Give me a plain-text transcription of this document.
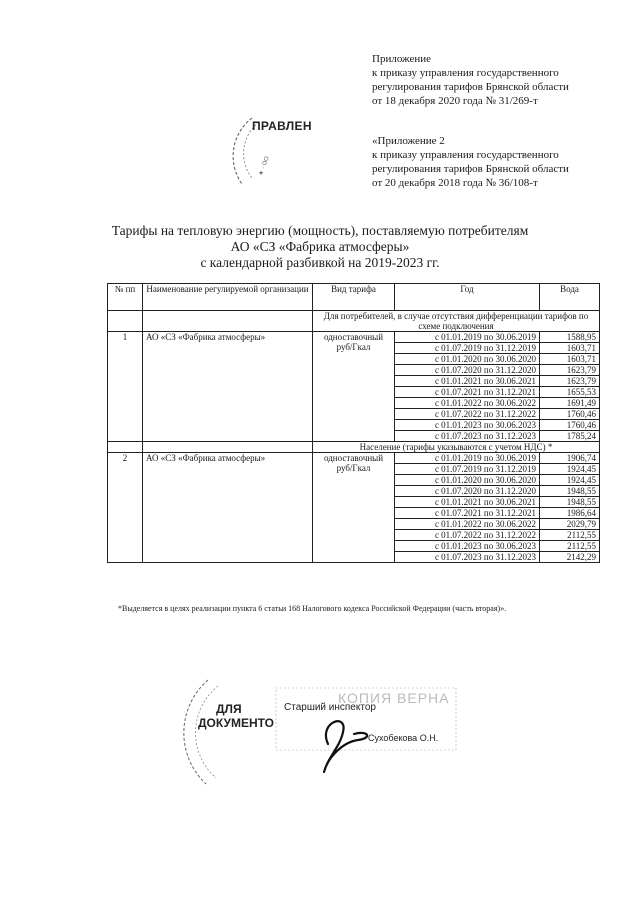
Приложение
к приказу управления государственного
регулирования тарифов Брянской области
от 18 декабря 2020 года № 31/269-т
★ · ОО
ПРАВЛЕН
«Приложение 2
к приказу управления государственного
регулирования тарифов Брянской области
от 20 декабря 2018 года № 36/108-т
Тарифы на тепловую энергию (мощность), поставляемую потребителям
АО «СЗ «Фабрика атмосферы»
с календарной разбивкой на 2019-2023 гг.
№ пп	Наименование регулируемой организации	Вид тарифа	Год	Вода
		Для потребителей, в случае отсутствия дифференциации тарифов по схеме подключения		
1	АО «СЗ «Фабрика атмосферы»	одноставочный руб/Гкал	с 01.01.2019 по 30.06.2019	1588,95
			с 01.07.2019 по 31.12.2019	1603,71
			с 01.01.2020 по 30.06.2020	1603,71
			с 01.07.2020 по 31.12.2020	1623,79
			с 01.01.2021 по 30.06.2021	1623,79
			с 01.07.2021 по 31.12.2021	1655,53
			с 01.01.2022 по 30.06.2022	1691,49
			с 01.07.2022 по 31.12.2022	1760,46
			с 01.01.2023 по 30.06.2023	1760,46
			с 01.07.2023 по 31.12.2023	1785,24
		Население (тарифы указываются с учетом НДС) *		
2	АО «СЗ «Фабрика атмосферы»	одноставочный руб/Гкал	с 01.01.2019 по 30.06.2019	1906,74
			с 01.07.2019 по 31.12.2019	1924,45
			с 01.01.2020 по 30.06.2020	1924,45
			с 01.07.2020 по 31.12.2020	1948,55
			с 01.01.2021 по 30.06.2021	1948,55
			с 01.07.2021 по 31.12.2021	1986,64
			с 01.01.2022 по 30.06.2022	2029,79
			с 01.07.2022 по 31.12.2022	2112,55
			с 01.01.2023 по 30.06.2023	2112,55
			с 01.07.2023 по 31.12.2023	2142,29
*Выделяется в целях реализации пункта 6 статьи 168 Налогового кодекса Российской Федерации (часть вторая)».
КОПИЯ ВЕРНА
ДЛЯ
ДОКУМЕНТО
Старший инспектор
Сухобекова О.Н.
